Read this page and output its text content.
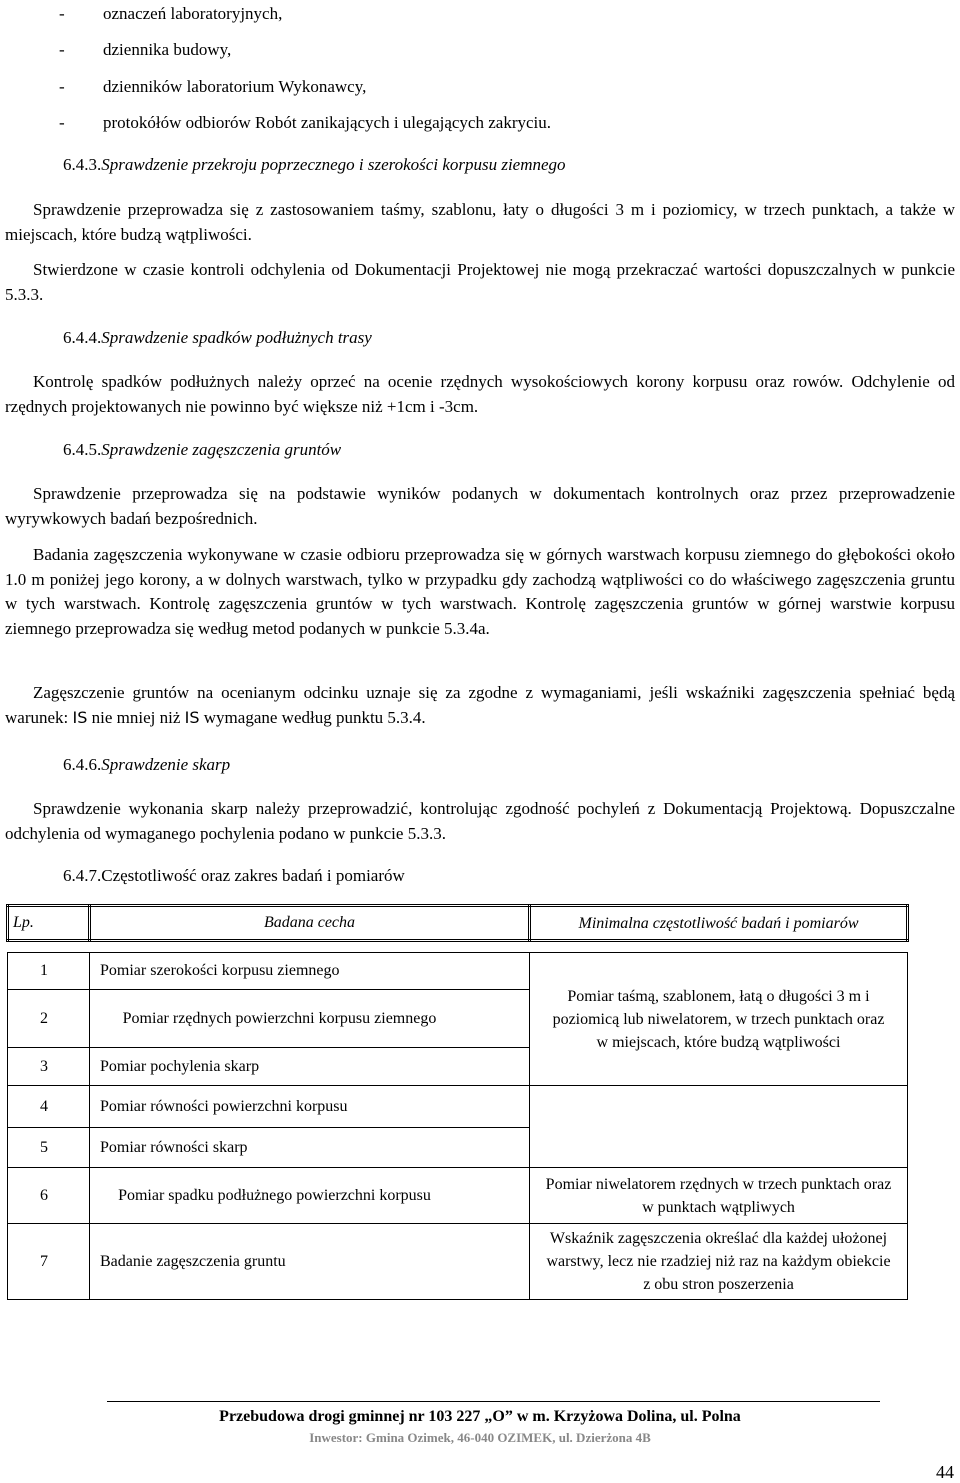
- oznaczeń laboratoryjnych,
- dziennika budowy,
- dzienników laboratorium Wykonawcy,
- protokółów odbiorów Robót zanikających i ulegających zakryciu.
6.4.3.Sprawdzenie przekroju poprzecznego i szerokości korpusu ziemnego
Sprawdzenie przeprowadza się z zastosowaniem taśmy, szablonu, łaty o długości 3 m i poziomicy, w trzech punktach, a także w miejscach, które budzą wątpliwości.
Stwierdzone w czasie kontroli odchylenia od Dokumentacji Projektowej nie mogą przekraczać wartości dopuszczalnych w punkcie 5.3.3.
6.4.4.Sprawdzenie spadków podłużnych trasy
Kontrolę spadków podłużnych należy oprzeć na ocenie rzędnych wysokościowych korony korpusu oraz rowów. Odchylenie od rzędnych projektowanych nie powinno być większe niż +1cm i -3cm.
6.4.5.Sprawdzenie zagęszczenia gruntów
Sprawdzenie przeprowadza się na podstawie wyników podanych w dokumentach kontrolnych oraz przez przeprowadzenie wyrywkowych badań bezpośrednich.
Badania zagęszczenia wykonywane w czasie odbioru przeprowadza się w górnych warstwach korpusu ziemnego do głębokości około 1.0 m poniżej jego korony, a w dolnych warstwach, tylko w przypadku gdy zachodzą wątpliwości co do właściwego zagęszczenia gruntu w tych warstwach. Kontrolę zagęszczenia gruntów w tych warstwach. Kontrolę zagęszczenia gruntów w górnej warstwie korpusu ziemnego przeprowadza się według metod podanych w punkcie 5.3.4a.
Zagęszczenie gruntów na ocenianym odcinku uznaje się za zgodne z wymaganiami, jeśli wskaźniki zagęszczenia spełniać będą warunek: IS nie mniej niż IS wymagane według punktu 5.3.4.
6.4.6.Sprawdzenie skarp
Sprawdzenie wykonania skarp należy przeprowadzić, kontrolując zgodność pochyleń z Dokumentacją Projektową. Dopuszczalne odchylenia od wymaganego pochylenia podano w punkcie 5.3.3.
6.4.7.Częstotliwość oraz zakres badań i pomiarów
Lp.	Badana cecha	Minimalna częstotliwość badań i pomiarów

1	Pomiar szerokości korpusu ziemnego	Pomiar taśmą, szablonem, łatą o długości 3 m i poziomicą lub niwelatorem, w trzech punktach oraz w miejscach, które budzą wątpliwości
2	Pomiar rzędnych powierzchni korpusu ziemnego	
3	Pomiar pochylenia skarp	
4	Pomiar równości powierzchni korpusu	
5	Pomiar równości skarp	
6	Pomiar spadku podłużnego powierzchni korpusu	Pomiar niwelatorem rzędnych w trzech punktach oraz w punktach wątpliwych
7	Badanie zagęszczenia gruntu	Wskaźnik zagęszczenia określać dla każdej ułożonej warstwy, lecz nie rzadziej niż raz na każdym obiekcie z obu stron poszerzenia
Przebudowa drogi gminnej nr 103 227 „O” w m. Krzyżowa Dolina, ul. Polna
Inwestor: Gmina Ozimek, 46-040 OZIMEK, ul. Dzierżona 4B
44
